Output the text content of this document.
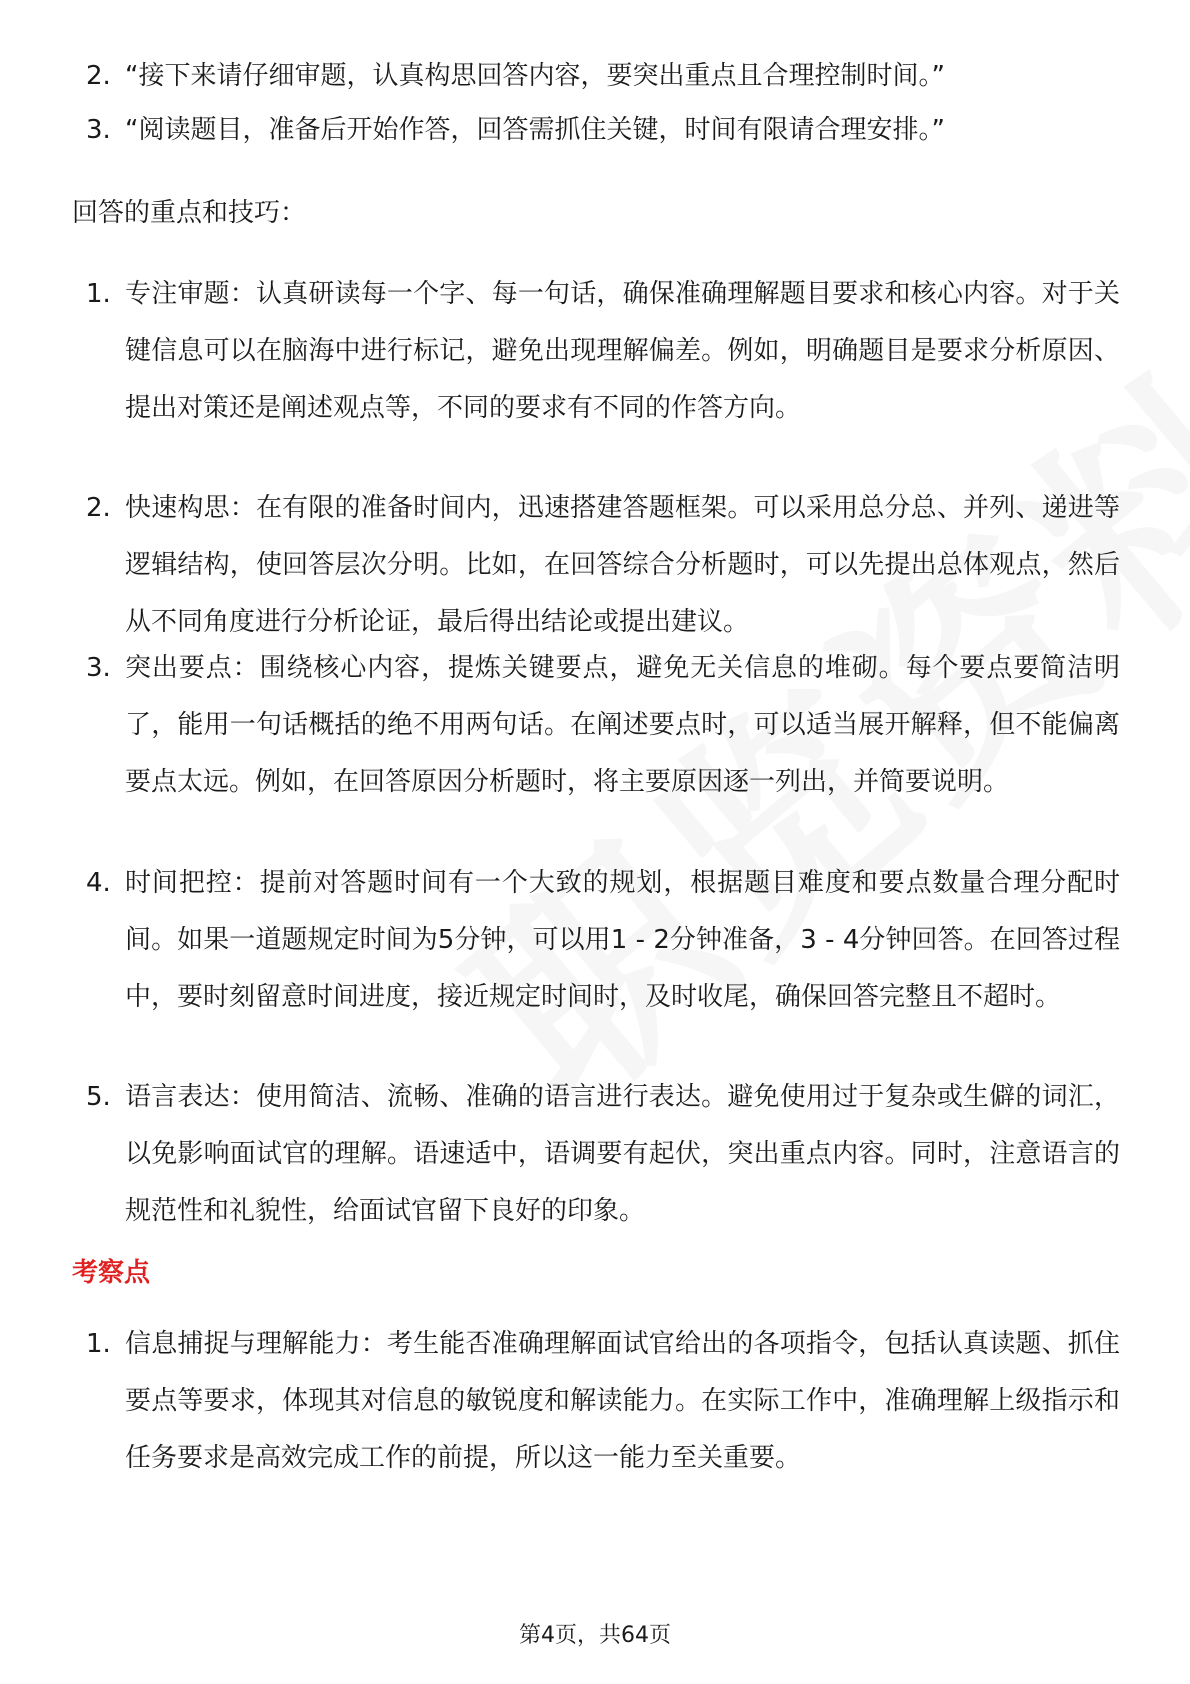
2. “接下来请仔细审题，认真构思回答内容，要突出重点且合理控制时间。”
3. “阅读题目，准备后开始作答，回答需抓住关键，时间有限请合理安排。”
回答的重点和技巧：
1. 专注审题：认真研读每一个字、每一句话，确保准确理解题目要求和核心内容。对于关键信息可以在脑海中进行标记，避免出现理解偏差。例如，明确题目是要求分析原因、提出对策还是阐述观点等，不同的要求有不同的作答方向。
2. 快速构思：在有限的准备时间内，迅速搭建答题框架。可以采用总分总、并列、递进等逻辑结构，使回答层次分明。比如，在回答综合分析题时，可以先提出总体观点，然后从不同角度进行分析论证，最后得出结论或提出建议。
3. 突出要点：围绕核心内容，提炼关键要点，避免无关信息的堆砌。每个要点要简洁明了，能用一句话概括的绝不用两句话。在阐述要点时，可以适当展开解释，但不能偏离要点太远。例如，在回答原因分析题时，将主要原因逐一列出，并简要说明。
4. 时间把控：提前对答题时间有一个大致的规划，根据题目难度和要点数量合理分配时间。如果一道题规定时间为5分钟，可以用1 - 2分钟准备，3 - 4分钟回答。在回答过程中，要时刻留意时间进度，接近规定时间时，及时收尾，确保回答完整且不超时。
5. 语言表达：使用简洁、流畅、准确的语言进行表达。避免使用过于复杂或生僻的词汇，以免影响面试官的理解。语速适中，语调要有起伏，突出重点内容。同时，注意语言的规范性和礼貌性，给面试官留下良好的印象。
考察点
1. 信息捕捉与理解能力：考生能否准确理解面试官给出的各项指令，包括认真读题、抓住要点等要求，体现其对信息的敏锐度和解读能力。在实际工作中，准确理解上级指示和任务要求是高效完成工作的前提，所以这一能力至关重要。
第4页，共64页
